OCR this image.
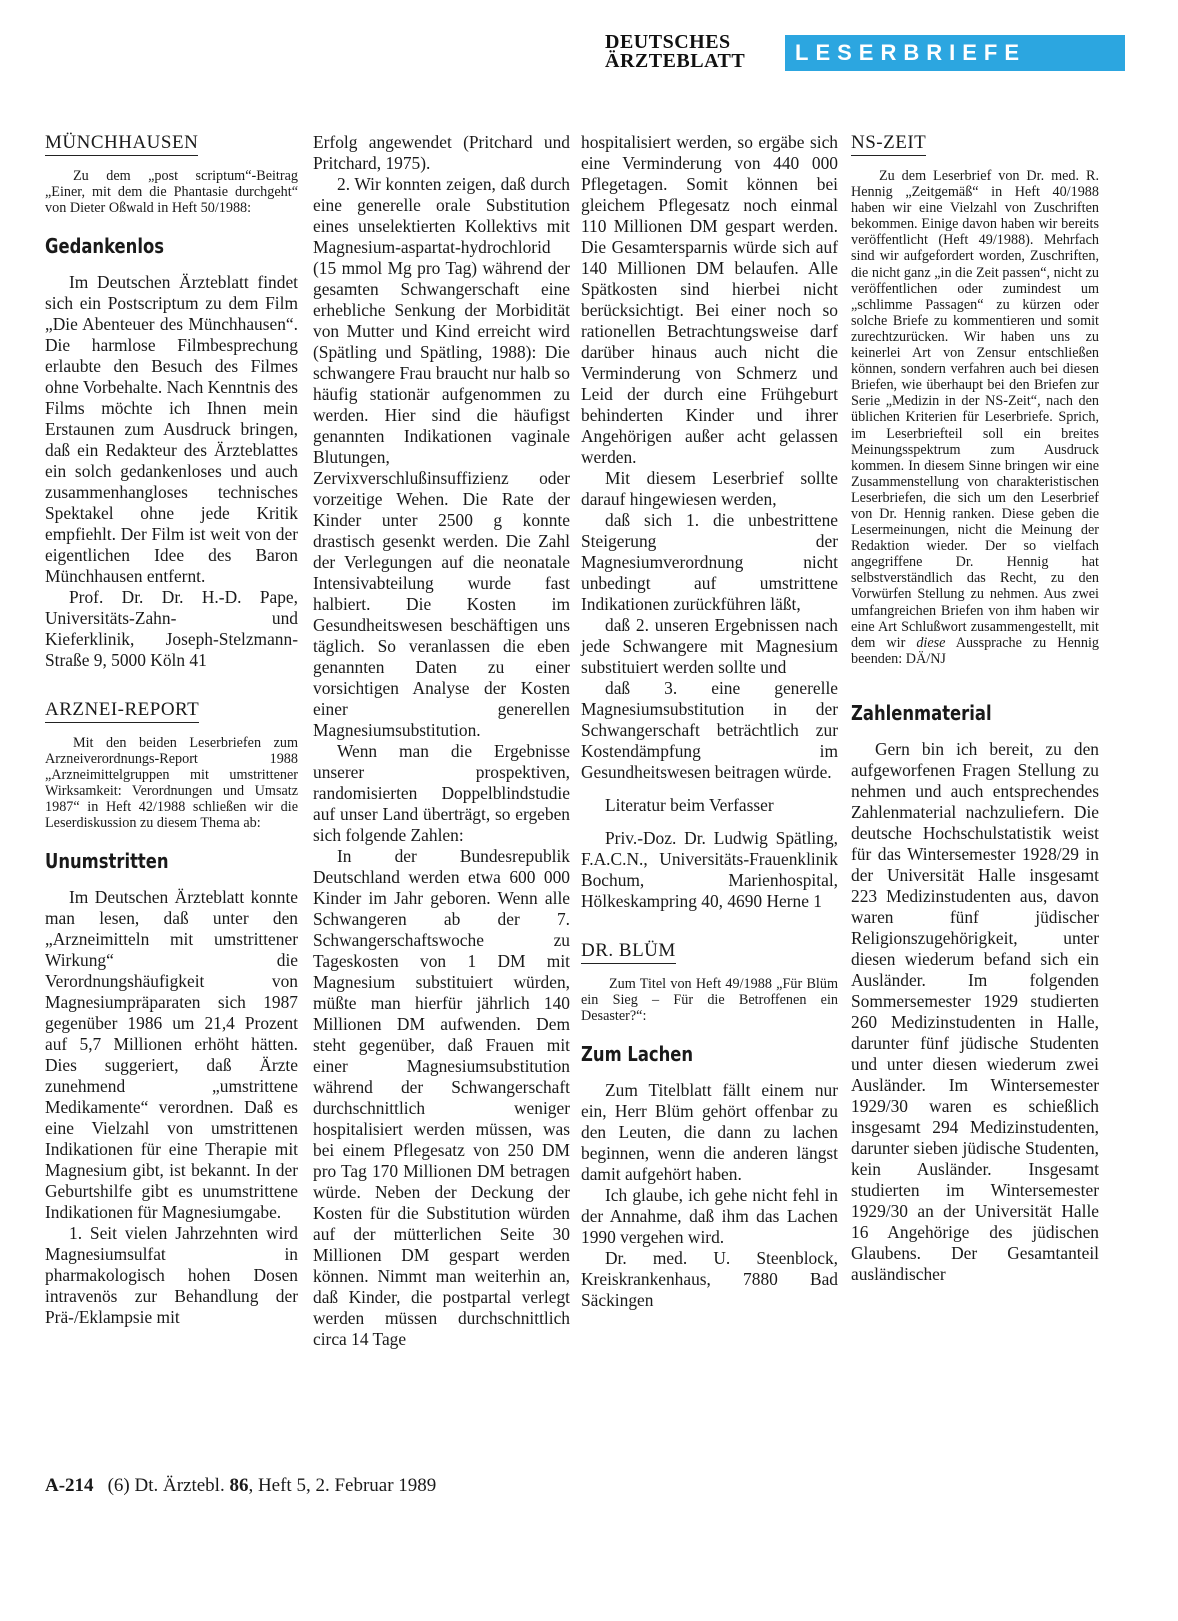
DEUTSCHES
ÄRZTEBLATT	LESERBRIEFE
MÜNCHHAUSEN

Zu dem „post scriptum“-Beitrag „Einer, mit dem die Phantasie durchgeht“ von Dieter Oßwald in Heft 50/1988:

Gedankenlos

Im Deutschen Ärzteblatt findet sich ein Postscriptum zu dem Film „Die Abenteuer des Münchhausen“. Die harmlose Filmbesprechung erlaubte den Besuch des Filmes ohne Vorbehalte. Nach Kenntnis des Films möchte ich Ihnen mein Erstaunen zum Ausdruck bringen, daß ein Redakteur des Ärzteblattes ein solch gedankenloses und auch zusammenhangloses technisches Spektakel ohne jede Kritik empfiehlt. Der Film ist weit von der eigentlichen Idee des Baron Münchhausen entfernt.

Prof. Dr. Dr. H.-D. Pape, Universitäts-Zahn- und Kieferklinik, Joseph-Stelzmann-Straße 9, 5000 Köln 41

ARZNEI-REPORT

Mit den beiden Leserbriefen zum Arzneiverordnungs-Report 1988 „Arzneimittelgruppen mit umstrittener Wirksamkeit: Verordnungen und Umsatz 1987“ in Heft 42/1988 schließen wir die Leserdiskussion zu diesem Thema ab:

Unumstritten

Im Deutschen Ärzteblatt konnte man lesen, daß unter den „Arzneimitteln mit umstrittener Wirkung“ die Verordnungshäufigkeit von Magnesiumpräparaten sich 1987 gegenüber 1986 um 21,4 Prozent auf 5,7 Millionen erhöht hätten. Dies suggeriert, daß Ärzte zunehmend „umstrittene Medikamente“ verordnen. Daß es eine Vielzahl von umstrittenen Indikationen für eine Therapie mit Magnesium gibt, ist bekannt. In der Geburtshilfe gibt es unumstrittene Indikationen für Magnesiumgabe.

1. Seit vielen Jahrzehnten wird Magnesiumsulfat in pharmakologisch hohen Dosen intravenös zur Behandlung der Prä-/Eklampsie mit

Erfolg angewendet (Pritchard und Pritchard, 1975).

2. Wir konnten zeigen, daß durch eine generelle orale Substitution eines unselektierten Kollektivs mit Magnesium-aspartat-hydrochlorid (15 mmol Mg pro Tag) während der gesamten Schwangerschaft eine erhebliche Senkung der Morbidität von Mutter und Kind erreicht wird (Spätling und Spätling, 1988): Die schwangere Frau braucht nur halb so häufig stationär aufgenommen zu werden. Hier sind die häufigst genannten Indikationen vaginale Blutungen, Zervixverschlußinsuffizienz oder vorzeitige Wehen. Die Rate der Kinder unter 2500 g konnte drastisch gesenkt werden. Die Zahl der Verlegungen auf die neonatale Intensivabteilung wurde fast halbiert. Die Kosten im Gesundheitswesen beschäftigen uns täglich. So veranlassen die eben genannten Daten zu einer vorsichtigen Analyse der Kosten einer generellen Magnesiumsubstitution.

Wenn man die Ergebnisse unserer prospektiven, randomisierten Doppelblindstudie auf unser Land überträgt, so ergeben sich folgende Zahlen:

In der Bundesrepublik Deutschland werden etwa 600 000 Kinder im Jahr geboren. Wenn alle Schwangeren ab der 7. Schwangerschaftswoche zu Tageskosten von 1 DM mit Magnesium substituiert würden, müßte man hierfür jährlich 140 Millionen DM aufwenden. Dem steht gegenüber, daß Frauen mit einer Magnesiumsubstitution während der Schwangerschaft durchschnittlich weniger hospitalisiert werden müssen, was bei einem Pflegesatz von 250 DM pro Tag 170 Millionen DM betragen würde. Neben der Deckung der Kosten für die Substitution würden auf der mütterlichen Seite 30 Millionen DM gespart werden können. Nimmt man weiterhin an, daß Kinder, die postpartal verlegt werden müssen durchschnittlich circa 14 Tage

hospitalisiert werden, so ergäbe sich eine Verminderung von 440 000 Pflegetagen. Somit können bei gleichem Pflegesatz noch einmal 110 Millionen DM gespart werden. Die Gesamtersparnis würde sich auf 140 Millionen DM belaufen. Alle Spätkosten sind hierbei nicht berücksichtigt. Bei einer noch so rationellen Betrachtungsweise darf darüber hinaus auch nicht die Verminderung von Schmerz und Leid der durch eine Frühgeburt behinderten Kinder und ihrer Angehörigen außer acht gelassen werden.

Mit diesem Leserbrief sollte darauf hingewiesen werden,

daß sich 1. die unbestrittene Steigerung der Magnesiumverordnung nicht unbedingt auf umstrittene Indikationen zurückführen läßt,

daß 2. unseren Ergebnissen nach jede Schwangere mit Magnesium substituiert werden sollte und

daß 3. eine generelle Magnesiumsubstitution in der Schwangerschaft beträchtlich zur Kostendämpfung im Gesundheitswesen beitragen würde.

Literatur beim Verfasser

Priv.-Doz. Dr. Ludwig Spätling, F.A.C.N., Universitäts-Frauenklinik Bochum, Marienhospital, Hölkeskampring 40, 4690 Herne 1

DR. BLÜM

Zum Titel von Heft 49/1988 „Für Blüm ein Sieg – Für die Betroffenen ein Desaster?“:

Zum Lachen

Zum Titelblatt fällt einem nur ein, Herr Blüm gehört offenbar zu den Leuten, die dann zu lachen beginnen, wenn die anderen längst damit aufgehört haben.

Ich glaube, ich gehe nicht fehl in der Annahme, daß ihm das Lachen 1990 vergehen wird.

Dr. med. U. Steenblock, Kreiskrankenhaus, 7880 Bad Säckingen

NS-ZEIT

Zu dem Leserbrief von Dr. med. R. Hennig „Zeitgemäß“ in Heft 40/1988 haben wir eine Vielzahl von Zuschriften bekommen. Einige davon haben wir bereits veröffentlicht (Heft 49/1988). Mehrfach sind wir aufgefordert worden, Zuschriften, die nicht ganz „in die Zeit passen“, nicht zu veröffentlichen oder zumindest um „schlimme Passagen“ zu kürzen oder solche Briefe zu kommentieren und somit zurechtzurücken. Wir haben uns zu keinerlei Art von Zensur entschließen können, sondern verfahren auch bei diesen Briefen, wie überhaupt bei den Briefen zur Serie „Medizin in der NS-Zeit“, nach den üblichen Kriterien für Leserbriefe. Sprich, im Leserbriefteil soll ein breites Meinungsspektrum zum Ausdruck kommen. In diesem Sinne bringen wir eine Zusammenstellung von charakteristischen Leserbriefen, die sich um den Leserbrief von Dr. Hennig ranken. Diese geben die Lesermeinungen, nicht die Meinung der Redaktion wieder. Der so vielfach angegriffene Dr. Hennig hat selbstverständlich das Recht, zu den Vorwürfen Stellung zu nehmen. Aus zwei umfangreichen Briefen von ihm haben wir eine Art Schlußwort zusammengestellt, mit dem wir diese Aussprache zu Hennig beenden: DÄ/NJ

Zahlenmaterial

Gern bin ich bereit, zu den aufgeworfenen Fragen Stellung zu nehmen und auch entsprechendes Zahlenmaterial nachzuliefern. Die deutsche Hochschulstatistik weist für das Wintersemester 1928/29 in der Universität Halle insgesamt 223 Medizinstudenten aus, davon waren fünf jüdischer Religionszugehörigkeit, unter diesen wiederum befand sich ein Ausländer. Im folgenden Sommersemester 1929 studierten 260 Medizinstudenten in Halle, darunter fünf jüdische Studenten und unter diesen wiederum zwei Ausländer. Im Wintersemester 1929/30 waren es schießlich insgesamt 294 Medizinstudenten, darunter sieben jüdische Studenten, kein Ausländer. Insgesamt studierten im Wintersemester 1929/30 an der Universität Halle 16 Angehörige des jüdischen Glaubens. Der Gesamtanteil ausländischer

A-214 (6) Dt. Ärztebl. 86, Heft 5, 2. Februar 1989
